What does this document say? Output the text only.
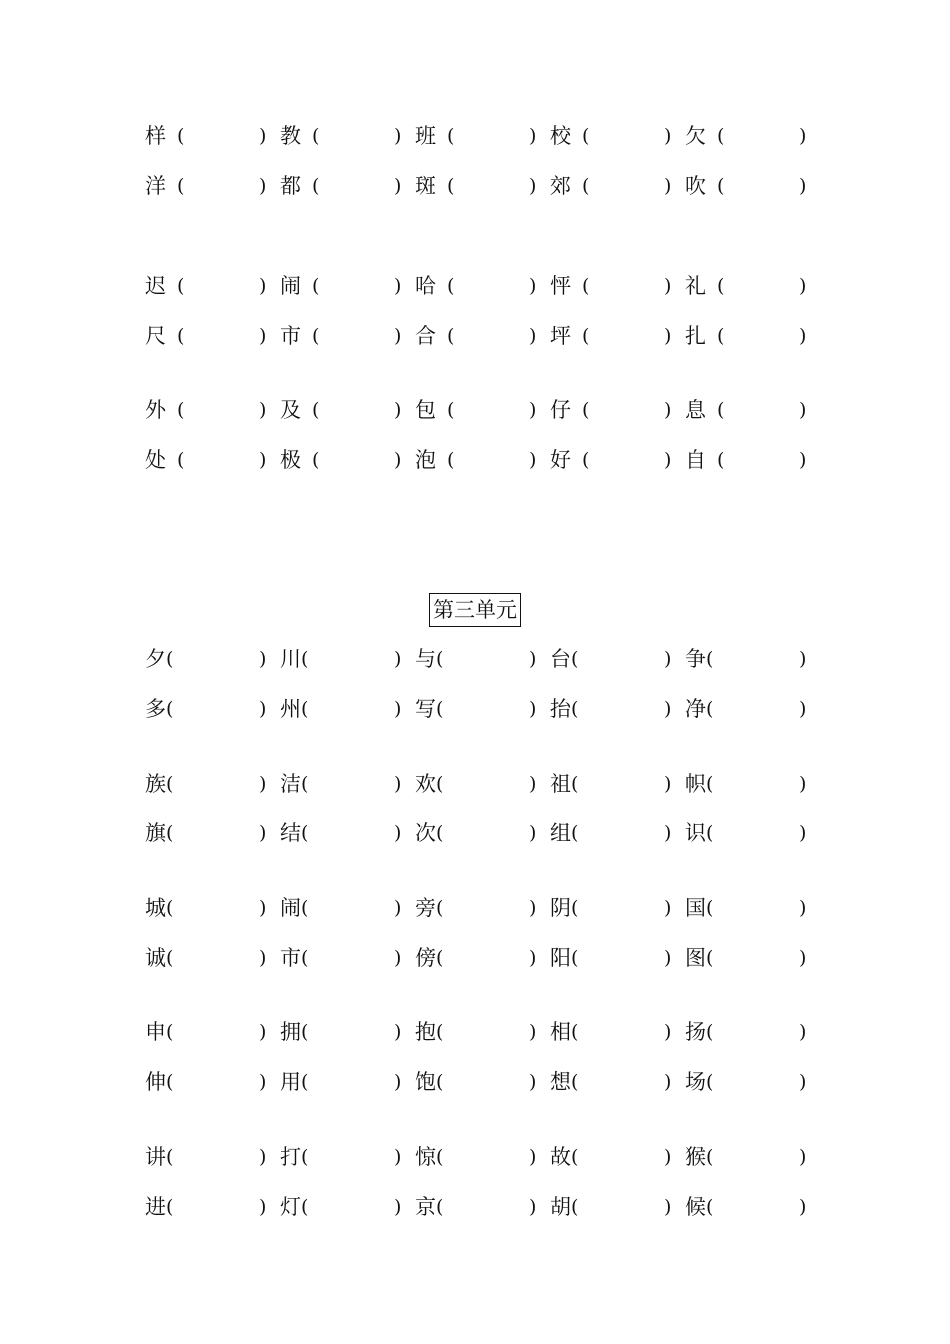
样 (	) 教 (	) 班 (	) 校 (	) 欠 (	)
洋 (	) 都 (	) 斑 (	) 郊 (	) 吹 (	)
迟 (	) 闹 (	) 哈 (	) 怦 (	) 礼 (	)
尺 (	) 市 (	) 合 (	) 坪 (	) 扎 (	)
外 (	) 及 (	) 包 (	) 仔 (	) 息 (	)
处 (	) 极 (	) 泡 (	) 好 (	) 自 (	)
第三单元
夕 (	) 川 (	) 与 (	) 台 (	) 争 (	)
多 (	) 州 (	) 写 (	) 抬 (	) 净 (	)
族 (	) 洁 (	) 欢 (	) 祖 (	) 帜 (	)
旗 (	) 结 (	) 次 (	) 组 (	) 识 (	)
城 (	) 闹 (	) 旁 (	) 阴 (	) 国 (	)
诚 (	) 市 (	) 傍 (	) 阳 (	) 图 (	)
申 (	) 拥 (	) 抱 (	) 相 (	) 扬 (	)
伸 (	) 用 (	) 饱 (	) 想 (	) 场 (	)
讲 (	) 打 (	) 惊 (	) 故 (	) 猴 (	)
进 (	) 灯 (	) 京 (	) 胡 (	) 候 (	)
